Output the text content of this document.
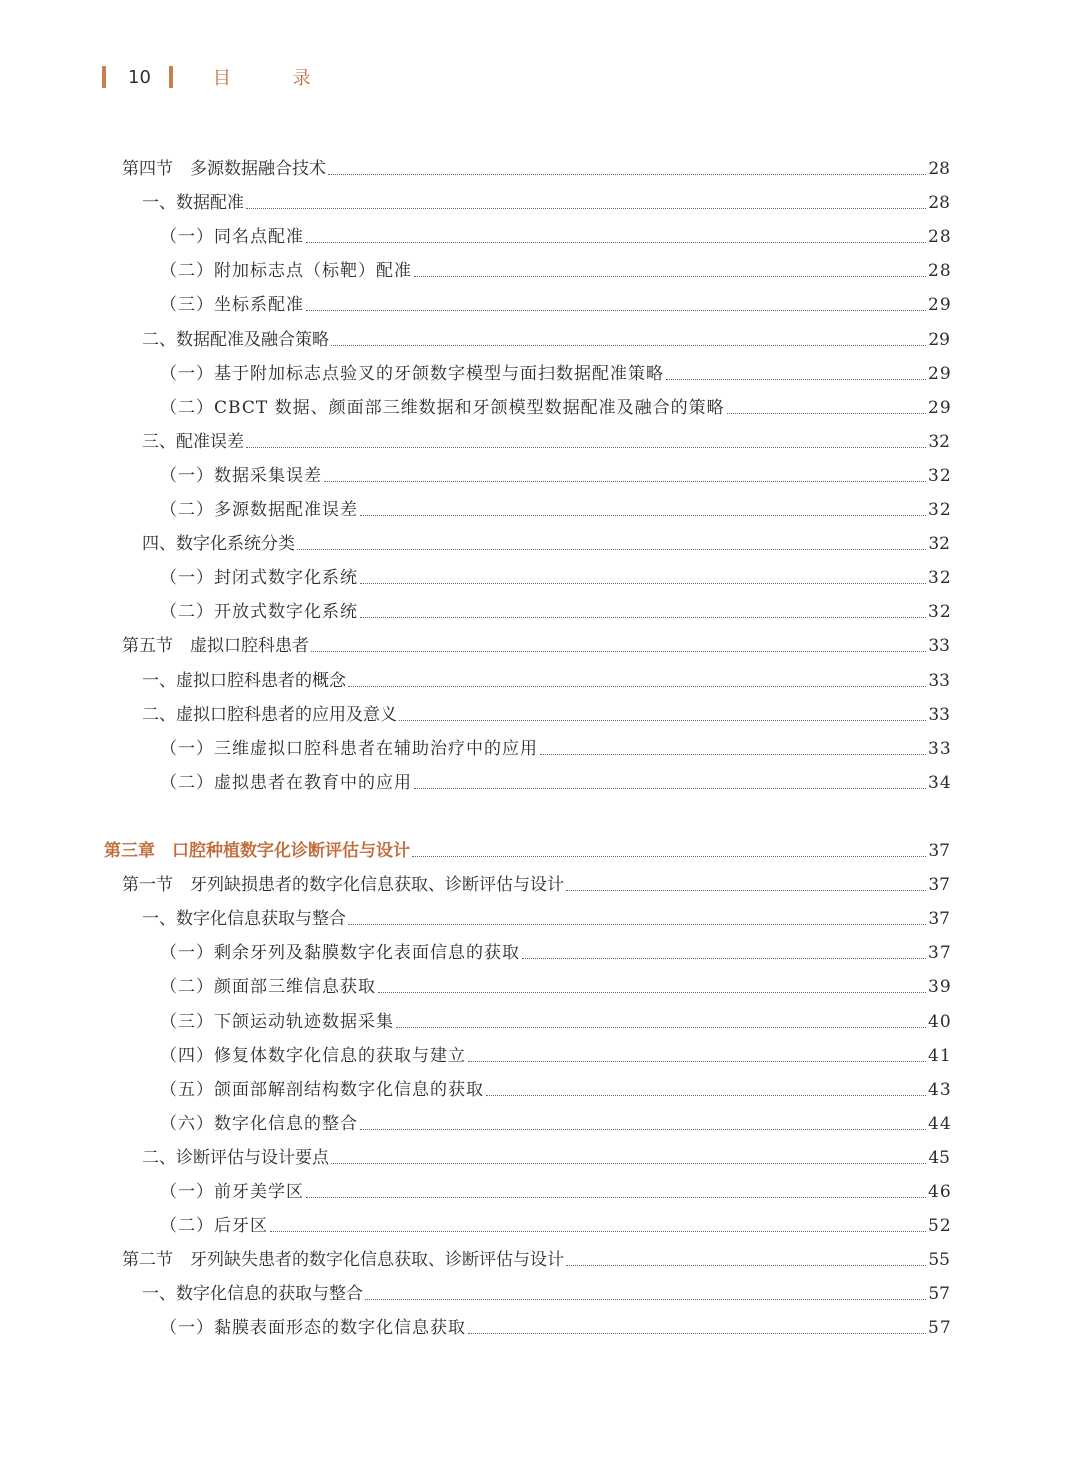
10	目 录
第四节　多源数据融合技术	28
一、数据配准	28
（一）同名点配准	28
（二）附加标志点（标靶）配准	28
（三）坐标系配准	29
二、数据配准及融合策略	29
（一）基于附加标志点验叉的牙颌数字模型与面扫数据配准策略	29
（二）CBCT 数据、颜面部三维数据和牙颌模型数据配准及融合的策略	29
三、配准误差	32
（一）数据采集误差	32
（二）多源数据配准误差	32
四、数字化系统分类	32
（一）封闭式数字化系统	32
（二）开放式数字化系统	32
第五节　虚拟口腔科患者	33
一、虚拟口腔科患者的概念	33
二、虚拟口腔科患者的应用及意义	33
（一）三维虚拟口腔科患者在辅助治疗中的应用	33
（二）虚拟患者在教育中的应用	34
第三章　口腔种植数字化诊断评估与设计	37
第一节　牙列缺损患者的数字化信息获取、诊断评估与设计	37
一、数字化信息获取与整合	37
（一）剩余牙列及黏膜数字化表面信息的获取	37
（二）颜面部三维信息获取	39
（三）下颌运动轨迹数据采集	40
（四）修复体数字化信息的获取与建立	41
（五）颌面部解剖结构数字化信息的获取	43
（六）数字化信息的整合	44
二、诊断评估与设计要点	45
（一）前牙美学区	46
（二）后牙区	52
第二节　牙列缺失患者的数字化信息获取、诊断评估与设计	55
一、数字化信息的获取与整合	57
（一）黏膜表面形态的数字化信息获取	57
